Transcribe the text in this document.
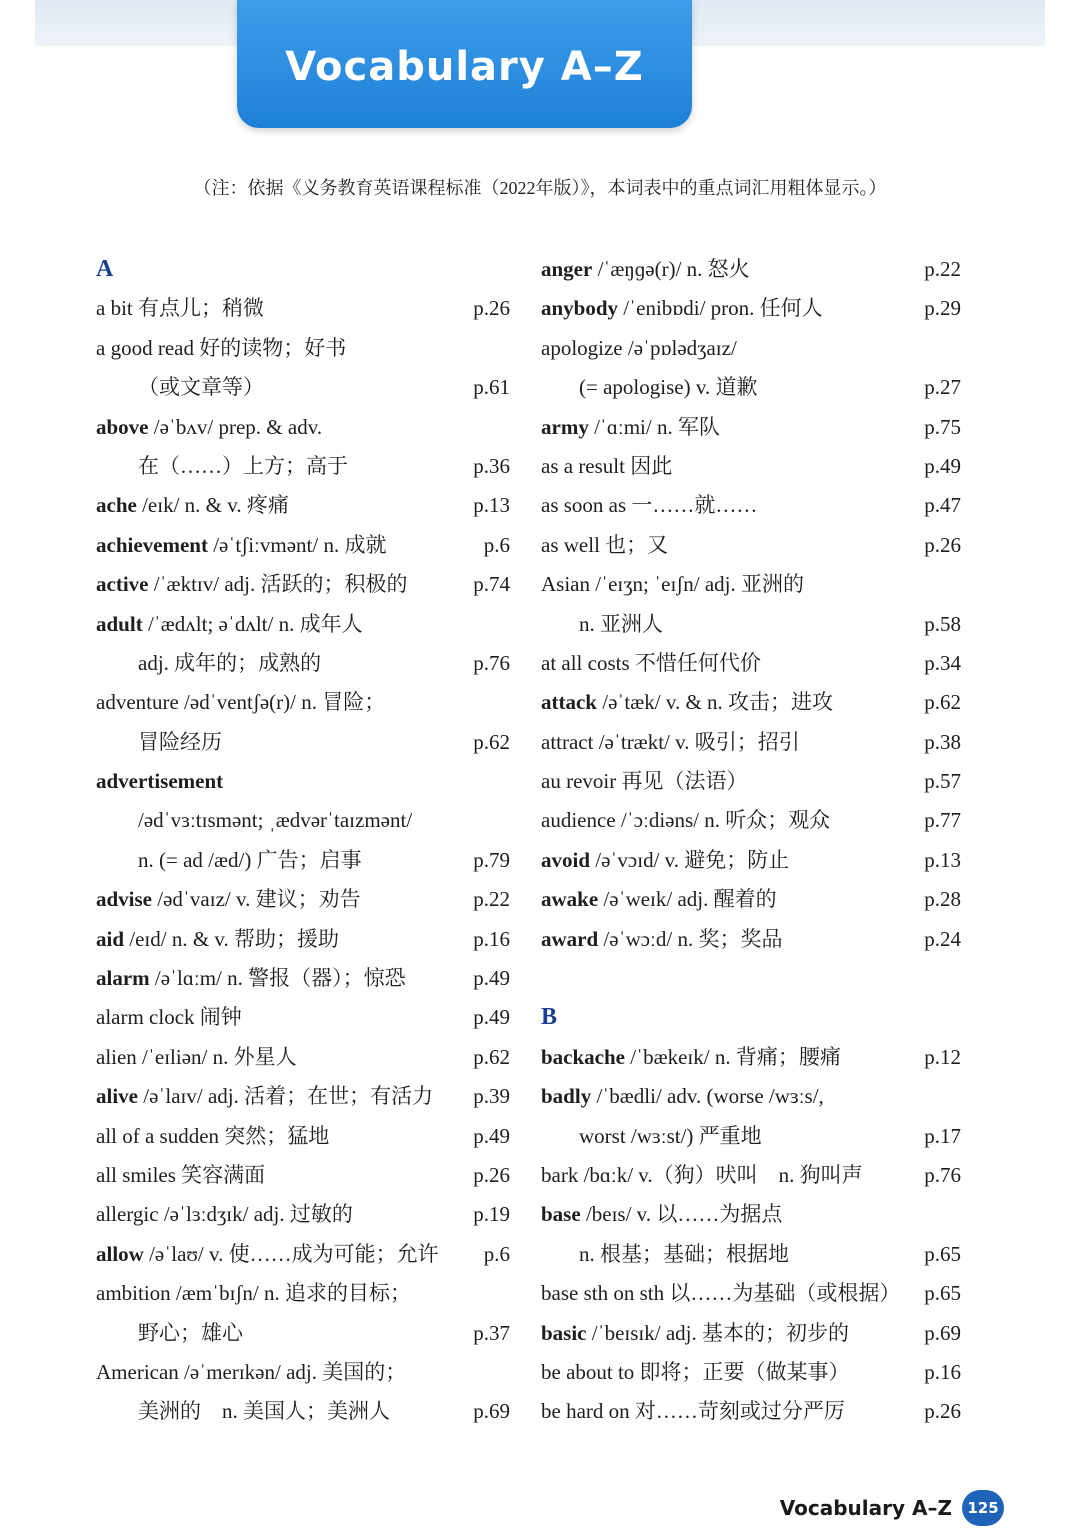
Vocabulary A–Z
（注：依据《义务教育英语课程标准（2022年版）》，本词表中的重点词汇用粗体显示。）
A
a bit 有点儿；稍微	p.26
a good read 好的读物；好书
（或文章等）	p.61
above /əˈbʌv/ prep. & adv.
在（……）上方；高于	p.36
ache /eɪk/ n. & v. 疼痛	p.13
achievement /əˈtʃiːvmənt/ n. 成就	p.6
active /ˈæktɪv/ adj. 活跃的；积极的	p.74
adult /ˈædʌlt; əˈdʌlt/ n. 成年人
adj. 成年的；成熟的	p.76
adventure /ədˈventʃə(r)/ n. 冒险；
冒险经历	p.62
advertisement
/ədˈvɜːtɪsmənt; ˌædvərˈtaɪzmənt/
n. (= ad /æd/) 广告；启事	p.79
advise /ədˈvaɪz/ v. 建议；劝告	p.22
aid /eɪd/ n. & v. 帮助；援助	p.16
alarm /əˈlɑːm/ n. 警报（器）；惊恐	p.49
alarm clock 闹钟	p.49
alien /ˈeɪliən/ n. 外星人	p.62
alive /əˈlaɪv/ adj. 活着；在世；有活力 p.39
all of a sudden 突然；猛地	p.49
all smiles 笑容满面	p.26
allergic /əˈlɜːdʒɪk/ adj. 过敏的	p.19
allow /əˈlaʊ/ v. 使……成为可能；允许 p.6
ambition /æmˈbɪʃn/ n. 追求的目标；
野心；雄心	p.37
American /əˈmerɪkən/ adj. 美国的；
美洲的　n. 美国人；美洲人	p.69
anger /ˈæŋɡə(r)/ n. 怒火	p.22
anybody /ˈenibɒdi/ pron. 任何人	p.29
apologize /əˈpɒlədʒaɪz/
(= apologise) v. 道歉	p.27
army /ˈɑːmi/ n. 军队	p.75
as a result 因此	p.49
as soon as 一……就……	p.47
as well 也；又	p.26
Asian /ˈeɪʒn; ˈeɪʃn/ adj. 亚洲的
n. 亚洲人	p.58
at all costs 不惜任何代价	p.34
attack /əˈtæk/ v. & n. 攻击；进攻	p.62
attract /əˈtrækt/ v. 吸引；招引	p.38
au revoir 再见（法语）	p.57
audience /ˈɔːdiəns/ n. 听众；观众	p.77
avoid /əˈvɔɪd/ v. 避免；防止	p.13
awake /əˈweɪk/ adj. 醒着的	p.28
award /əˈwɔːd/ n. 奖；奖品	p.24
B
backache /ˈbækeɪk/ n. 背痛；腰痛	p.12
badly /ˈbædli/ adv. (worse /wɜːs/,
worst /wɜːst/) 严重地	p.17
bark /bɑːk/ v.（狗）吠叫　n. 狗叫声	p.76
base /beɪs/ v. 以……为据点
n. 根基；基础；根据地	p.65
base sth on sth 以……为基础（或根据） p.65
basic /ˈbeɪsɪk/ adj. 基本的；初步的	p.69
be about to 即将；正要（做某事）	p.16
be hard on 对……苛刻或过分严厉	p.26
Vocabulary A–Z	125
